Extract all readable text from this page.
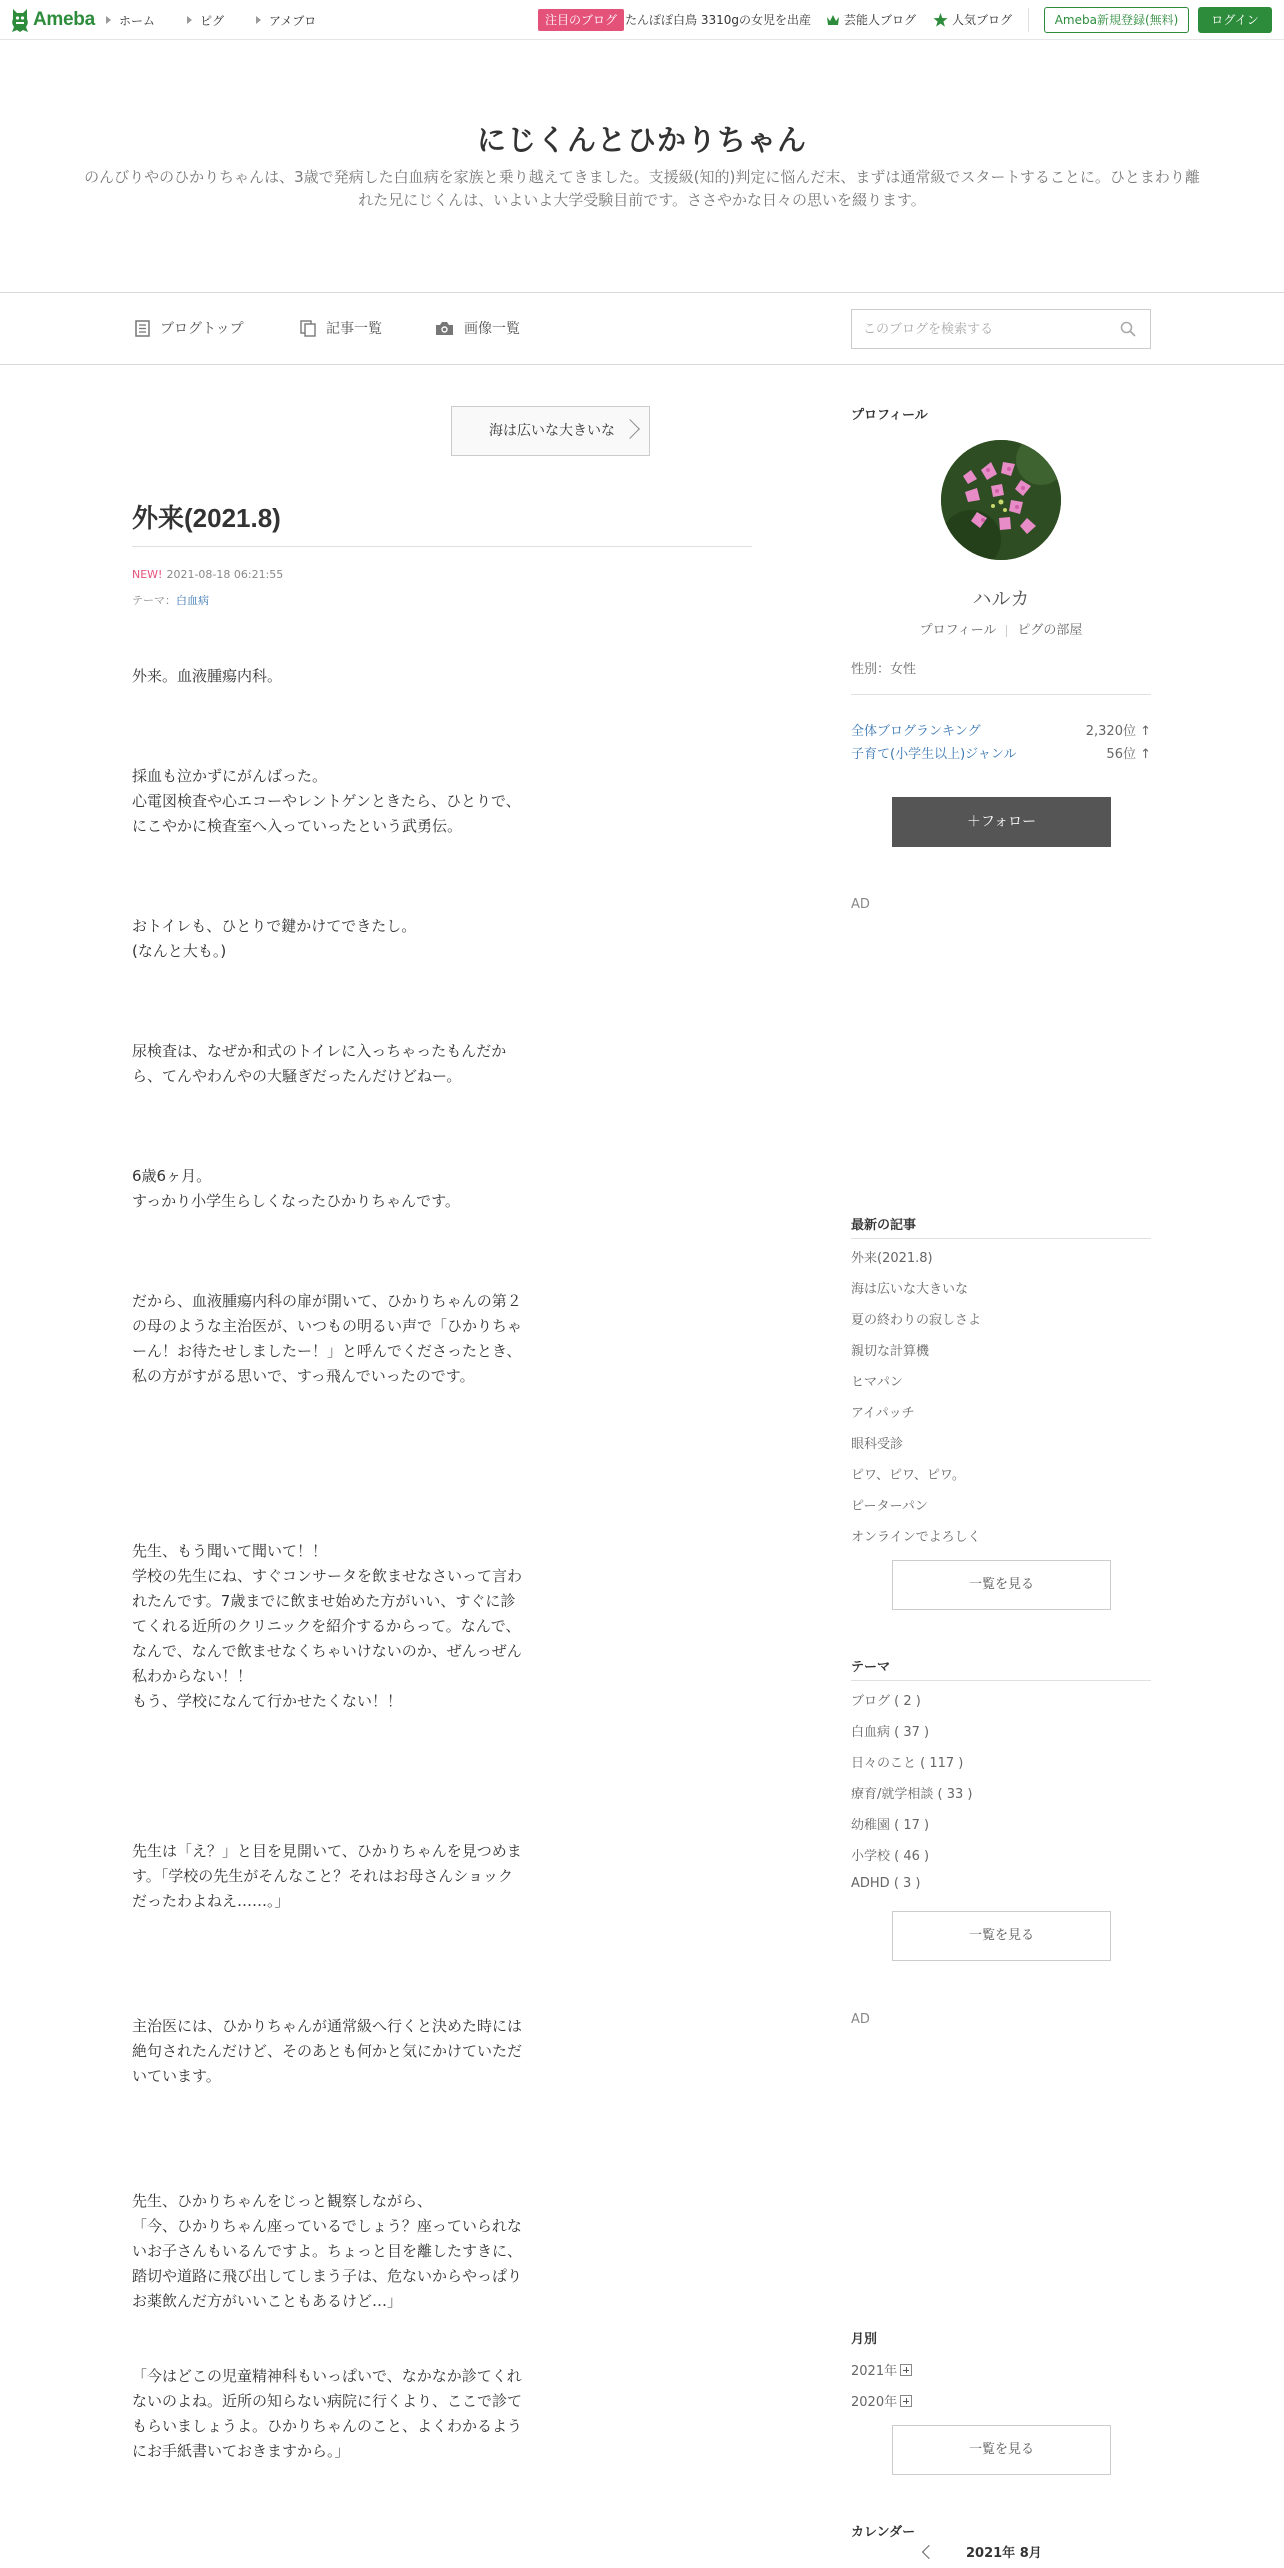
Ameba ホーム	ピグ	アメブロ	注目のブログ たんぽぽ白鳥 3310gの女児を出産	芸能人ブログ	人気ブログ	Ameba新規登録(無料)	ログイン
にじくんとひかりちゃん

のんびりやのひかりちゃんは、3歳で発病した白血病を家族と乗り越えてきました。支援級(知的)判定に悩んだ末、まずは通常級でスタートすることに。ひとまわり離れた兄にじくんは、いよいよ大学受験目前です。ささやかな日々の思いを綴ります。

ブログトップ	記事一覧	画像一覧
このブログを検索する
海は広いな大きいな
外来(2021.8)
NEW! 2021-08-18 06:21:55
テーマ：白血病

外来。血液腫瘍内科。

採血も泣かずにがんばった。
心電図検査や心エコーやレントゲンときたら、ひとりで、にこやかに検査室へ入っていったという武勇伝。

おトイレも、ひとりで鍵かけてできたし。
(なんと大も。)

尿検査は、なぜか和式のトイレに入っちゃったもんだから、てんやわんやの大騒ぎだったんだけどねー。

6歳6ヶ月。
すっかり小学生らしくなったひかりちゃんです。

だから、血液腫瘍内科の扉が開いて、ひかりちゃんの第２の母のような主治医が、いつもの明るい声で「ひかりちゃーん！お待たせしましたー！」と呼んでくださったとき、私の方がすがる思いで、すっ飛んでいったのです。

先生、もう聞いて聞いて！！
学校の先生にね、すぐコンサータを飲ませなさいって言われたんです。7歳までに飲ませ始めた方がいい、すぐに診てくれる近所のクリニックを紹介するからって。なんで、なんで、なんで飲ませなくちゃいけないのか、ぜんっぜん私わからない！！
もう、学校になんて行かせたくない！！

先生は「え？」と目を見開いて、ひかりちゃんを見つめます。「学校の先生がそんなこと？それはお母さんショックだったわよねえ……。」

主治医には、ひかりちゃんが通常級へ行くと決めた時には絶句されたんだけど、そのあとも何かと気にかけていただいています。

先生、ひかりちゃんをじっと観察しながら、
「今、ひかりちゃん座っているでしょう？座っていられないお子さんもいるんですよ。ちょっと目を離したすきに、踏切や道路に飛び出してしまう子は、危ないからやっぱりお薬飲んだ方がいいこともあるけど…」

「今はどこの児童精神科もいっぱいで、なかなか診てくれないのよね。近所の知らない病院に行くより、ここで診てもらいましょうよ。ひかりちゃんのこと、よくわかるようにお手紙書いておきますから。」

プロフィール
ハルカ
プロフィール ピグの部屋
性別：女性
全体ブログランキング	2,320位 ↑
子育て(小学生以上)ジャンル	56位 ↑
＋フォロー
AD
最新の記事
外来(2021.8)
海は広いな大きいな
夏の終わりの寂しさよ
親切な計算機
ヒマパン
アイパッチ
眼科受診
ピワ、ピワ、ピワ。
ピーターパン
オンラインでよろしく
一覧を見る
テーマ
ブログ ( 2 )
白血病 ( 37 )
日々のこと ( 117 )
療育/就学相談 ( 33 )
幼稚園 ( 17 )
小学校 ( 46 )
ADHD ( 3 )
一覧を見る
AD
月別
2021年
2020年
一覧を見る
カレンダー
2021年 8月
